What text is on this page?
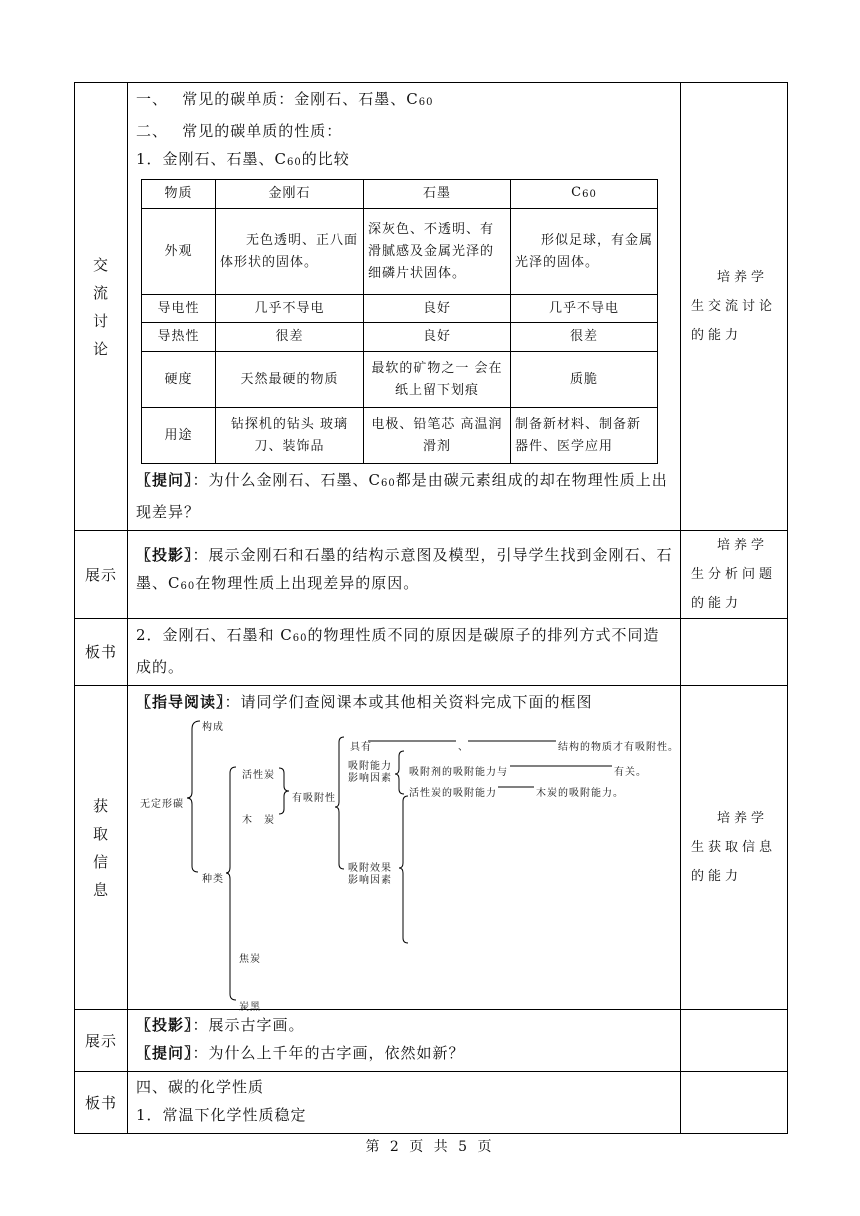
交流讨论

一、　 常见的碳单质：金刚石、石墨、$C_{60}$
二、　 常见的碳单质的性质：
1．金刚石、石墨、$C_{60}$的比较
物质	金刚石	石墨	$C_{60}$
外观	无色透明、正八面体形状的固体。	深灰色、不透明、有滑腻感及金属光泽的细磷片状固体。	形似足球，有金属光泽的固体。
导电性	几乎不导电	良好	几乎不导电
导热性	很差	良好	很差
硬度	天然最硬的物质	最软的矿物之一 会在纸上留下划痕	质脆
用途	钻探机的钻头 玻璃刀、装饰品	电极、铅笔芯 高温润滑剂	制备新材料、制备新器件、医学应用
〖提问〗：为什么金刚石、石墨、$C_{60}$都是由碳元素组成的却在物理性质上出现差异？

培养学生交流讨论的能力

展示	
〖投影〗：展示金刚石和石墨的结构示意图及模型，引导学生找到金刚石、石墨、$C_{60}$在物理性质上出现差异的原因。

培养学生分析问题的能力

板书	
2．金刚石、石墨和 $C_{60}$的物理性质不同的原因是碳原子的排列方式不同造成的。

获取信息

〖指导阅读〗：请同学们查阅课本或其他相关资料完成下面的框图
构成
无定形碳
种类
活性炭
木　炭
有吸附性
具有	、	结构的物质才有吸附性。
吸附能力影响因素
吸附剂的吸附能力与	有关。
活性炭的吸附能力	木炭的吸附能力。
吸附效果影响因素
焦炭
炭黑

培养学生获取信息的能力

展示	
〖投影〗：展示古字画。
〖提问〗：为什么上千年的古字画，依然如新？

板书	
四、碳的化学性质
1．常温下化学性质稳定

第 2 页 共 5 页
